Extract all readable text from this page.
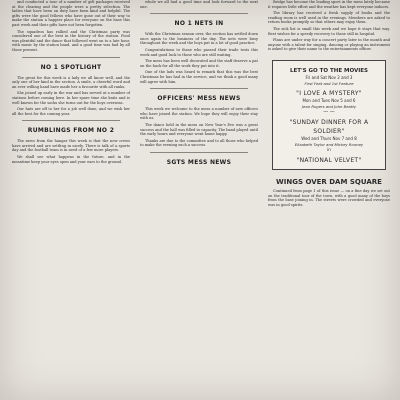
and conducted a tour of a number of gift packages received at the clearing and the people were a pretty selection. The ladies that have been on duty have been kind and helpful. The gifts were the good fellows who have gone out of their way to make the station a happier place for everyone on the base this past week and their gifts have not been forgotten.

The squadron has rallied and the Christmas party was considered one of the best in the history of the station. Food was plentiful and the dance that followed went on to a late hour, with music by the station band, and a good time was had by all those present.

NO 1 SPOTLIGHT

The great for this week is a lady we all know well, and the only one of her kind in the section. A smile, a cheerful word and an ever willing hand have made her a favourite with all ranks.

She joined up early in the war and has served at a number of stations before coming here. In her spare time she knits and is well known for the socks she turns out for the boys overseas.

Our hats are off to her for a job well done, and we wish her all the best for the coming year.

RUMBLINGS FROM NO 2

The news from the hangar this week is that the new crews have arrived and are settling in nicely. There is talk of a sports day and the football team is in need of a few more players.

We shall see what happens in the future, and in the meantime keep your eyes open and your ears to the ground.

whole we all had a good time and look forward to the next one.

NO 1 NETS IN

With the Christmas season over, the section has settled down once again to the business of the day. The nets were busy throughout the week and the boys put in a lot of good practice.

Congratulations to those who passed their trade tests this week and good luck to those who are still waiting.

The mess has been well decorated and the staff deserve a pat on the back for all the work they put into it.

One of the lads was heard to remark that this was the best Christmas he has had in the service, and we think a good many will agree with him.

OFFICERS' MESS NEWS

This week we welcome to the mess a number of new officers who have joined the station. We hope they will enjoy their stay with us.

The dance held in the mess on New Year's Eve was a great success and the hall was filled to capacity. The band played until the early hours and everyone went home happy.

Thanks are due to the committee and to all those who helped to make the evening such a success.

SGTS MESS NEWS

Bridge has become the leading sport in the mess lately because it requires little effort and the weather has kept everyone indoors.

The library has received a fresh supply of books and the reading room is well used in the evenings. Members are asked to return books promptly so that others may enjoy them.

The sick list is small this week and we hope it stays that way. Best wishes for a speedy recovery to those still in hospital.

Plans are under way for a concert party later in the month and anyone with a talent for singing, dancing or playing an instrument is asked to give their name to the entertainments officer.

LET'S GO TO THE MOVIES
Fri and Sat Nov 2 and 3
First Feat and 1st Feature
"I LOVE A MYSTERY"
Mon and Tues Nov 5 and 6
Jean Rogers and John Beatty
— —
"SUNDAY DINNER FOR A SOLDIER"
Wed and Thurs Nov 7 and 8
Elizabeth Taylor and Mickey Rooney
in
"NATIONAL VELVET"
WINGS OVER DAM SQUARE

Continued from page 1 of this issue — on a fine day we set out on the traditional tour of the town, with a good many of the boys from the base joining in. The streets were crowded and everyone was in good spirits.
